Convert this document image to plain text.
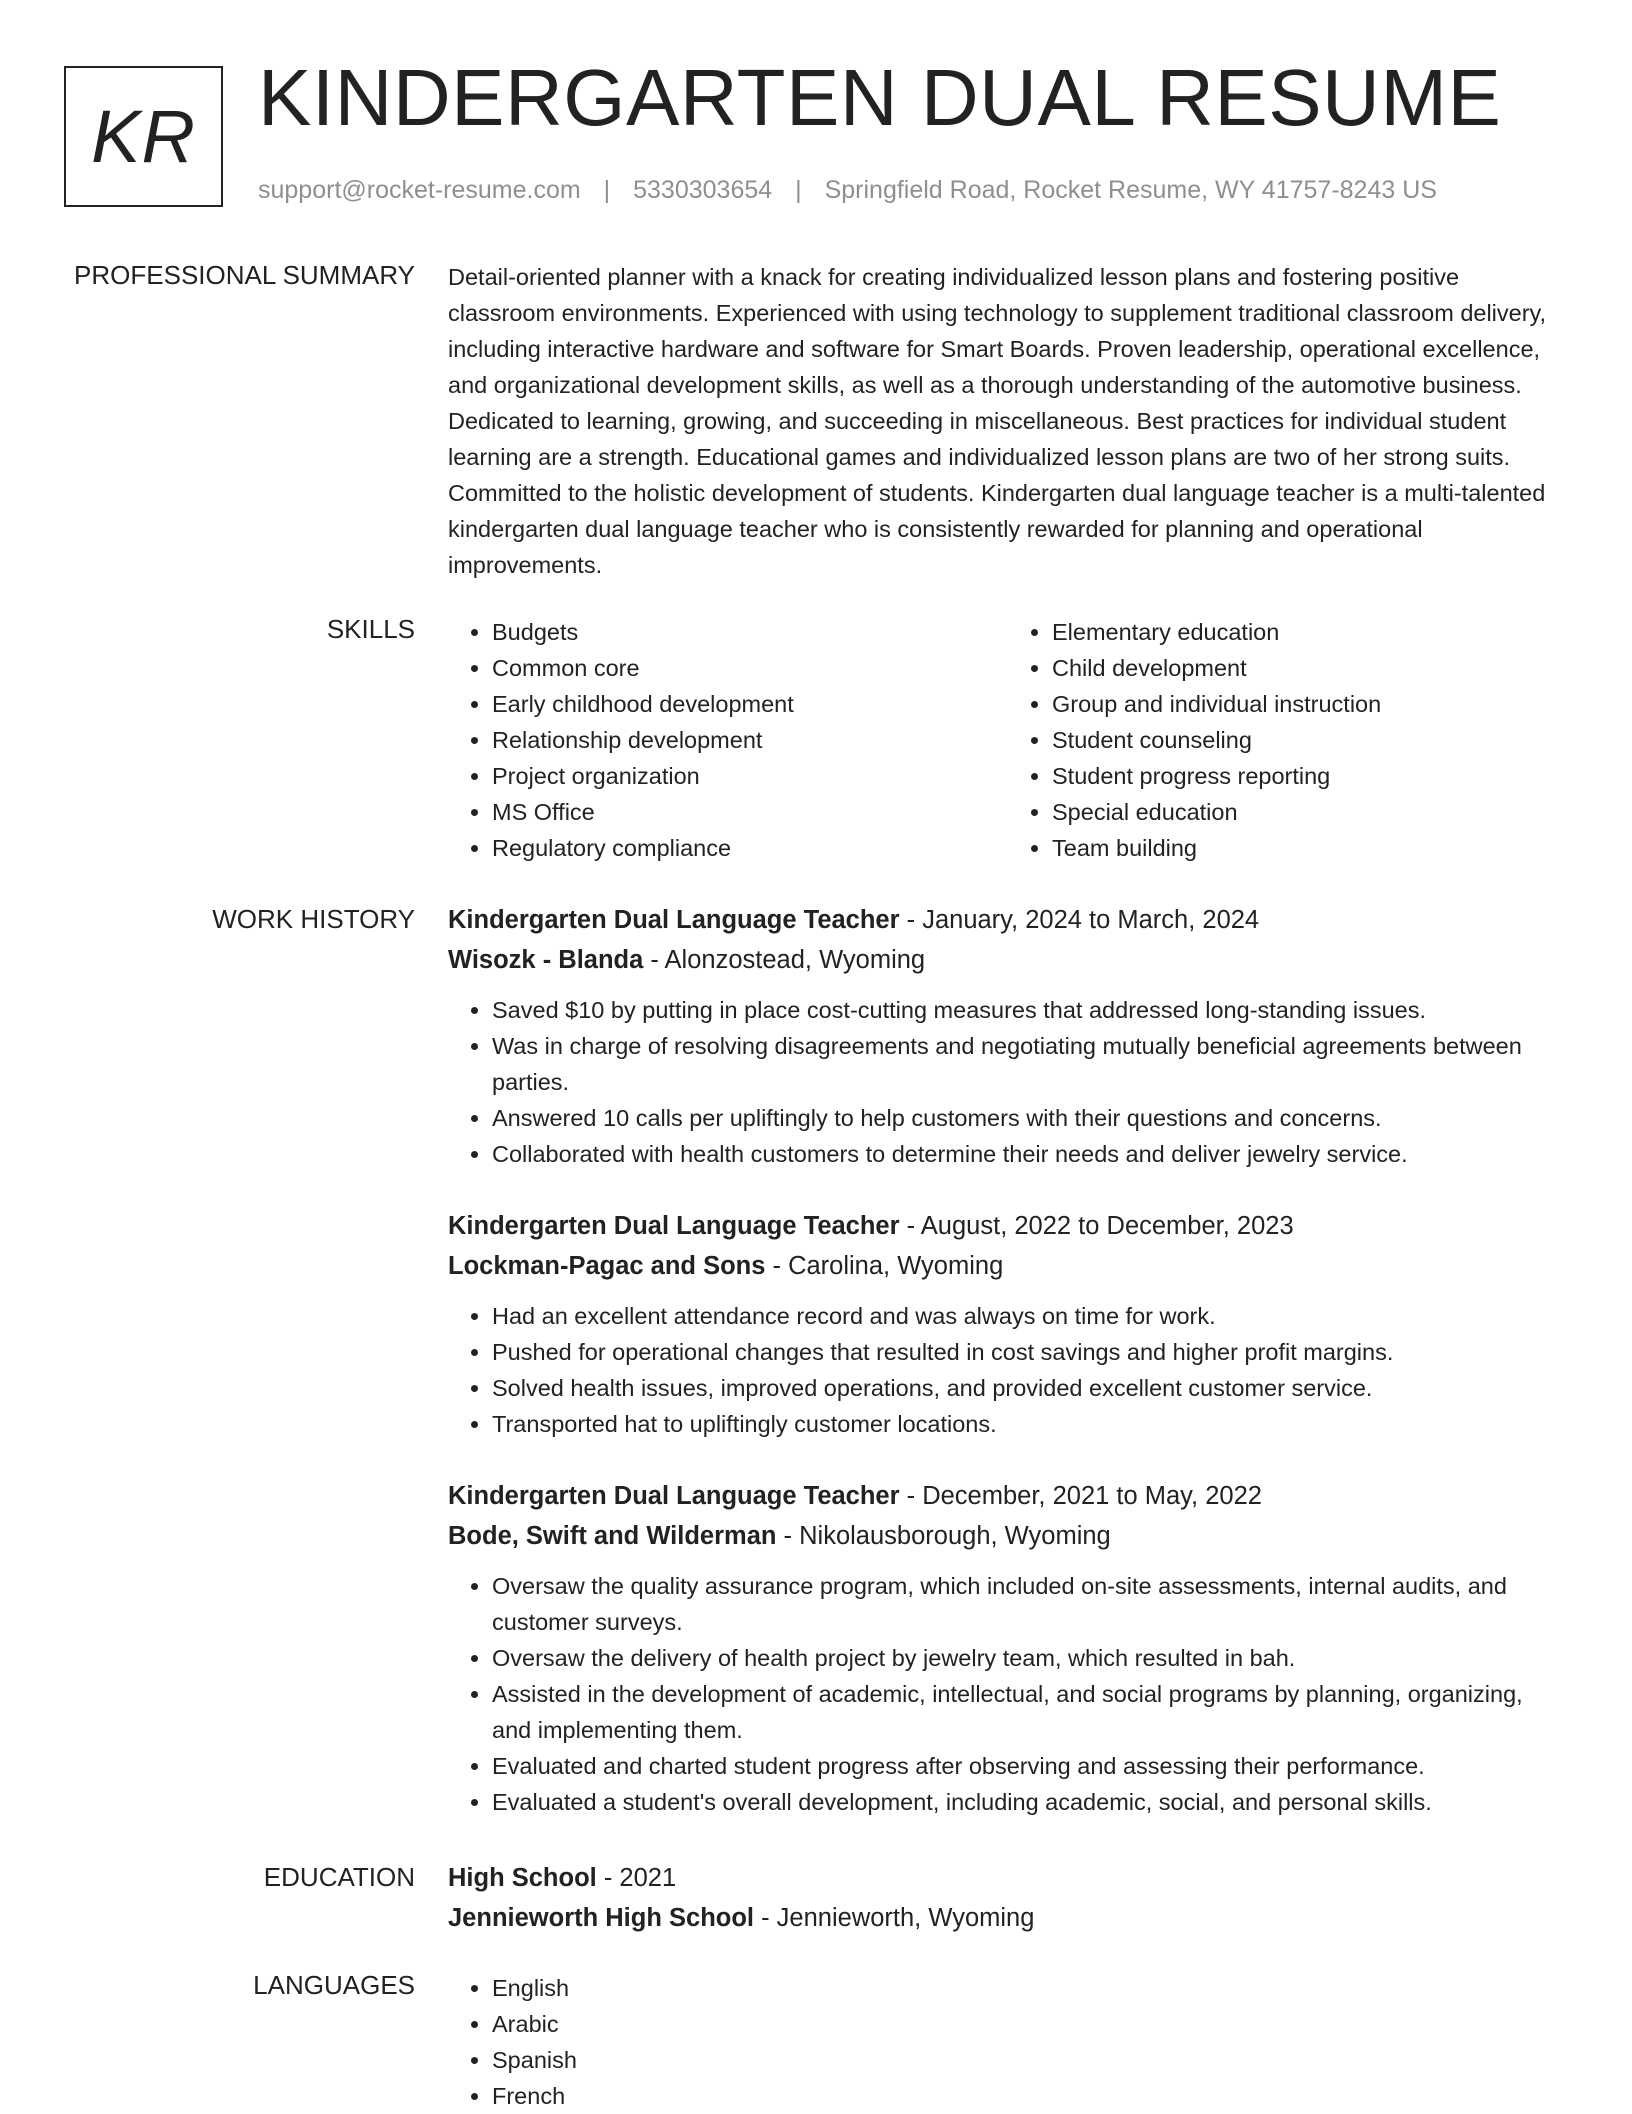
KR KINDERGARTEN DUAL RESUME
support@rocket-resume.com | 5330303654 | Springfield Road, Rocket Resume, WY 41757-8243 US
PROFESSIONAL SUMMARY Detail-oriented planner with a knack for creating individualized lesson plans and fostering positive classroom environments. Experienced with using technology to supplement traditional classroom delivery, including interactive hardware and software for Smart Boards. Proven leadership, operational excellence, and organizational development skills, as well as a thorough understanding of the automotive business. Dedicated to learning, growing, and succeeding in miscellaneous. Best practices for individual student learning are a strength. Educational games and individualized lesson plans are two of her strong suits. Committed to the holistic development of students. Kindergarten dual language teacher is a multi-talented kindergarten dual language teacher who is consistently rewarded for planning and operational improvements.

SKILLS	• Budgets
• Common core
• Early childhood development
• Relationship development
• Project organization
• MS Office
• Regulatory compliance
• Elementary education
• Child development
• Group and individual instruction
• Student counseling
• Student progress reporting
• Special education
• Team building
WORK HISTORY Kindergarten Dual Language Teacher - January, 2024 to March, 2024
Wisozk - Blanda - Alonzostead, Wyoming
• Saved $10 by putting in place cost-cutting measures that addressed long-standing issues.
• Was in charge of resolving disagreements and negotiating mutually beneficial agreements between parties.
• Answered 10 calls per upliftingly to help customers with their questions and concerns.
• Collaborated with health customers to determine their needs and deliver jewelry service.
Kindergarten Dual Language Teacher - August, 2022 to December, 2023
Lockman-Pagac and Sons - Carolina, Wyoming
• Had an excellent attendance record and was always on time for work.
• Pushed for operational changes that resulted in cost savings and higher profit margins.
• Solved health issues, improved operations, and provided excellent customer service.
• Transported hat to upliftingly customer locations.
Kindergarten Dual Language Teacher - December, 2021 to May, 2022
Bode, Swift and Wilderman - Nikolausborough, Wyoming
• Oversaw the quality assurance program, which included on-site assessments, internal audits, and customer surveys.
• Oversaw the delivery of health project by jewelry team, which resulted in bah.
• Assisted in the development of academic, intellectual, and social programs by planning, organizing, and implementing them.
• Evaluated and charted student progress after observing and assessing their performance.
• Evaluated a student's overall development, including academic, social, and personal skills.
EDUCATION High School - 2021
Jennieworth High School - Jennieworth, Wyoming
LANGUAGES	• English
• Arabic
• Spanish
• French
